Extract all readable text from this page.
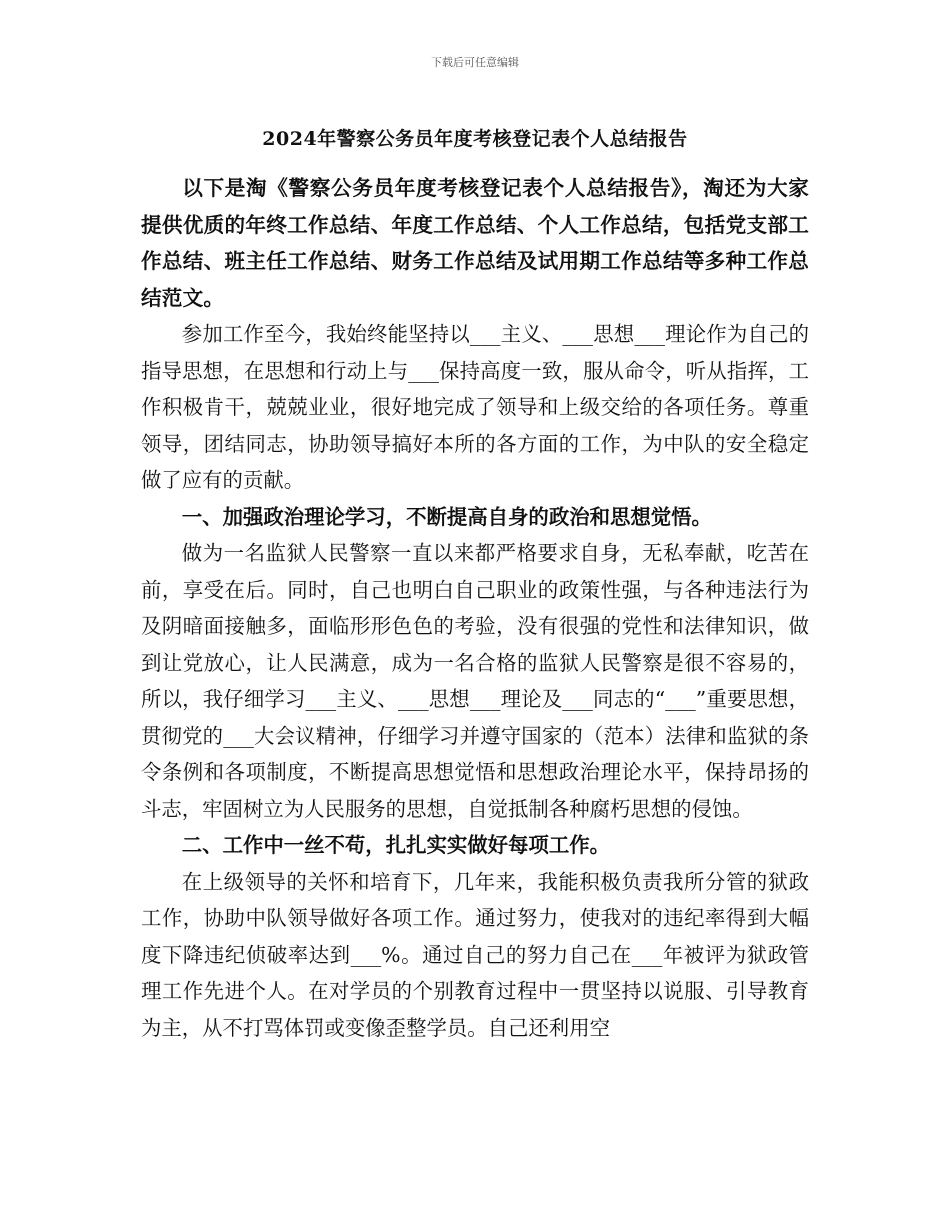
下载后可任意编辑
2024年警察公务员年度考核登记表个人总结报告

以下是淘《警察公务员年度考核登记表个人总结报告》，淘还为大家提供优质的年终工作总结、年度工作总结、个人工作总结，包括党支部工作总结、班主任工作总结、财务工作总结及试用期工作总结等多种工作总结范文。

参加工作至今，我始终能坚持以___主义、___思想___理论作为自己的指导思想，在思想和行动上与___保持高度一致，服从命令，听从指挥，工作积极肯干，兢兢业业，很好地完成了领导和上级交给的各项任务。尊重领导，团结同志，协助领导搞好本所的各方面的工作，为中队的安全稳定做了应有的贡献。

一、加强政治理论学习，不断提高自身的政治和思想觉悟。

做为一名监狱人民警察一直以来都严格要求自身，无私奉献，吃苦在前，享受在后。同时，自己也明白自己职业的政策性强，与各种违法行为及阴暗面接触多，面临形形色色的考验，没有很强的党性和法律知识，做到让党放心，让人民满意，成为一名合格的监狱人民警察是很不容易的，所以，我仔细学习___主义、___思想___理论及___同志的“___”重要思想，贯彻党的___大会议精神，仔细学习并遵守国家的（范本）法律和监狱的条令条例和各项制度，不断提高思想觉悟和思想政治理论水平，保持昂扬的斗志，牢固树立为人民服务的思想，自觉抵制各种腐朽思想的侵蚀。

二、工作中一丝不苟，扎扎实实做好每项工作。

在上级领导的关怀和培育下，几年来，我能积极负责我所分管的狱政工作，协助中队领导做好各项工作。通过努力，使我对的违纪率得到大幅度下降违纪侦破率达到___%。通过自己的努力自己在___年被评为狱政管理工作先进个人。在对学员的个别教育过程中一贯坚持以说服、引导教育为主，从不打骂体罚或变像歪整学员。自己还利用空
